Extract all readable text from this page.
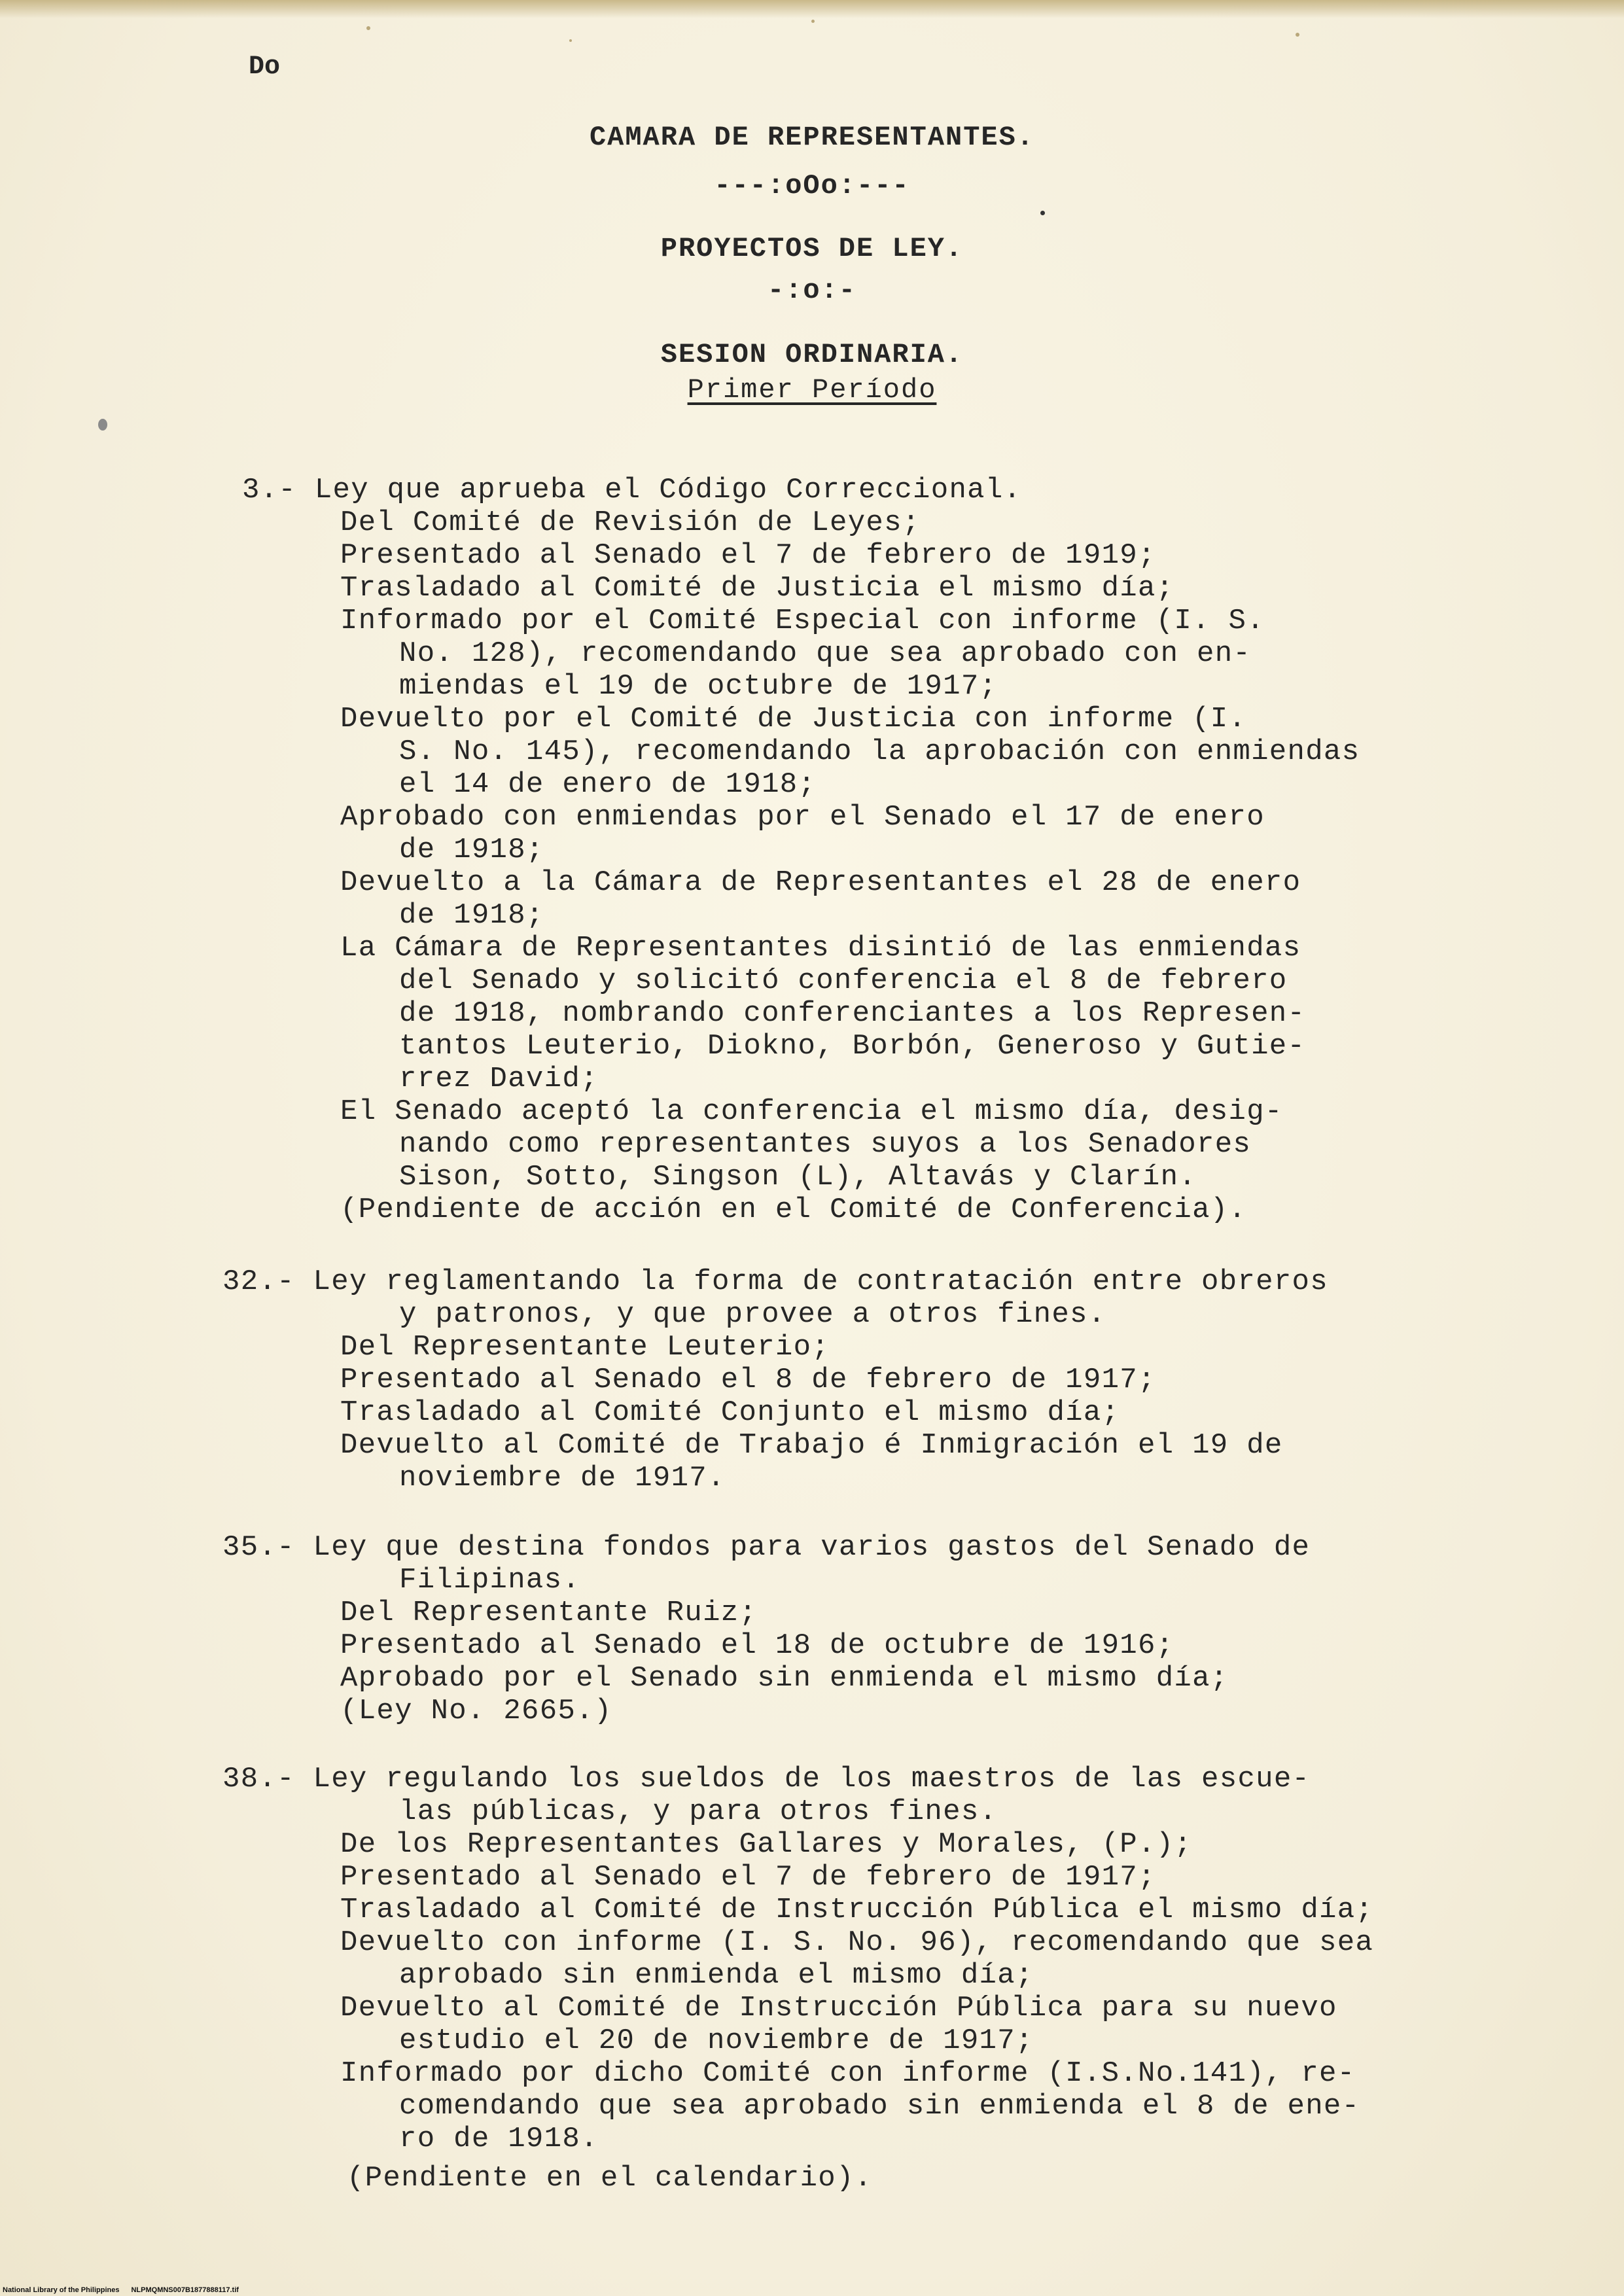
Do
CAMARA DE REPRESENTANTES.
---:oOo:---
PROYECTOS DE LEY.
-:o:-
SESION ORDINARIA.
Primer Período
3.- Ley que aprueba el Código Correccional.
Del Comité de Revisión de Leyes;
Presentado al Senado el 7 de febrero de 1919;
Trasladado al Comité de Justicia el mismo día;
Informado por el Comité Especial con informe (I. S.
No. 128), recomendando que sea aprobado con en-
miendas el 19 de octubre de 1917;
Devuelto por el Comité de Justicia con informe (I.
S. No. 145), recomendando la aprobación con enmiendas
el 14 de enero de 1918;
Aprobado con enmiendas por el Senado el 17 de enero
de 1918;
Devuelto a la Cámara de Representantes el 28 de enero
de 1918;
La Cámara de Representantes disintió de las enmiendas
del Senado y solicitó conferencia el 8 de febrero
de 1918, nombrando conferenciantes a los Represen-
tantos Leuterio, Diokno, Borbón, Generoso y Gutie-
rrez David;
El Senado aceptó la conferencia el mismo día, desig-
nando como representantes suyos a los Senadores
Sison, Sotto, Singson (L), Altavás y Clarín.
(Pendiente de acción en el Comité de Conferencia).
32.- Ley reglamentando la forma de contratación entre obreros
y patronos, y que provee a otros fines.
Del Representante Leuterio;
Presentado al Senado el 8 de febrero de 1917;
Trasladado al Comité Conjunto el mismo día;
Devuelto al Comité de Trabajo é Inmigración el 19 de
noviembre de 1917.
35.- Ley que destina fondos para varios gastos del Senado de
Filipinas.
Del Representante Ruiz;
Presentado al Senado el 18 de octubre de 1916;
Aprobado por el Senado sin enmienda el mismo día;
(Ley No. 2665.)
38.- Ley regulando los sueldos de los maestros de las escue-
las públicas, y para otros fines.
De los Representantes Gallares y Morales, (P.);
Presentado al Senado el 7 de febrero de 1917;
Trasladado al Comité de Instrucción Pública el mismo día;
Devuelto con informe (I. S. No. 96), recomendando que sea
aprobado sin enmienda el mismo día;
Devuelto al Comité de Instrucción Pública para su nuevo
estudio el 20 de noviembre de 1917;
Informado por dicho Comité con informe (I.S.No.141), re-
comendando que sea aprobado sin enmienda el 8 de ene-
ro de 1918.
(Pendiente en el calendario).
National Library of the Philippines NLPMQMNS007B1877888117.tif
